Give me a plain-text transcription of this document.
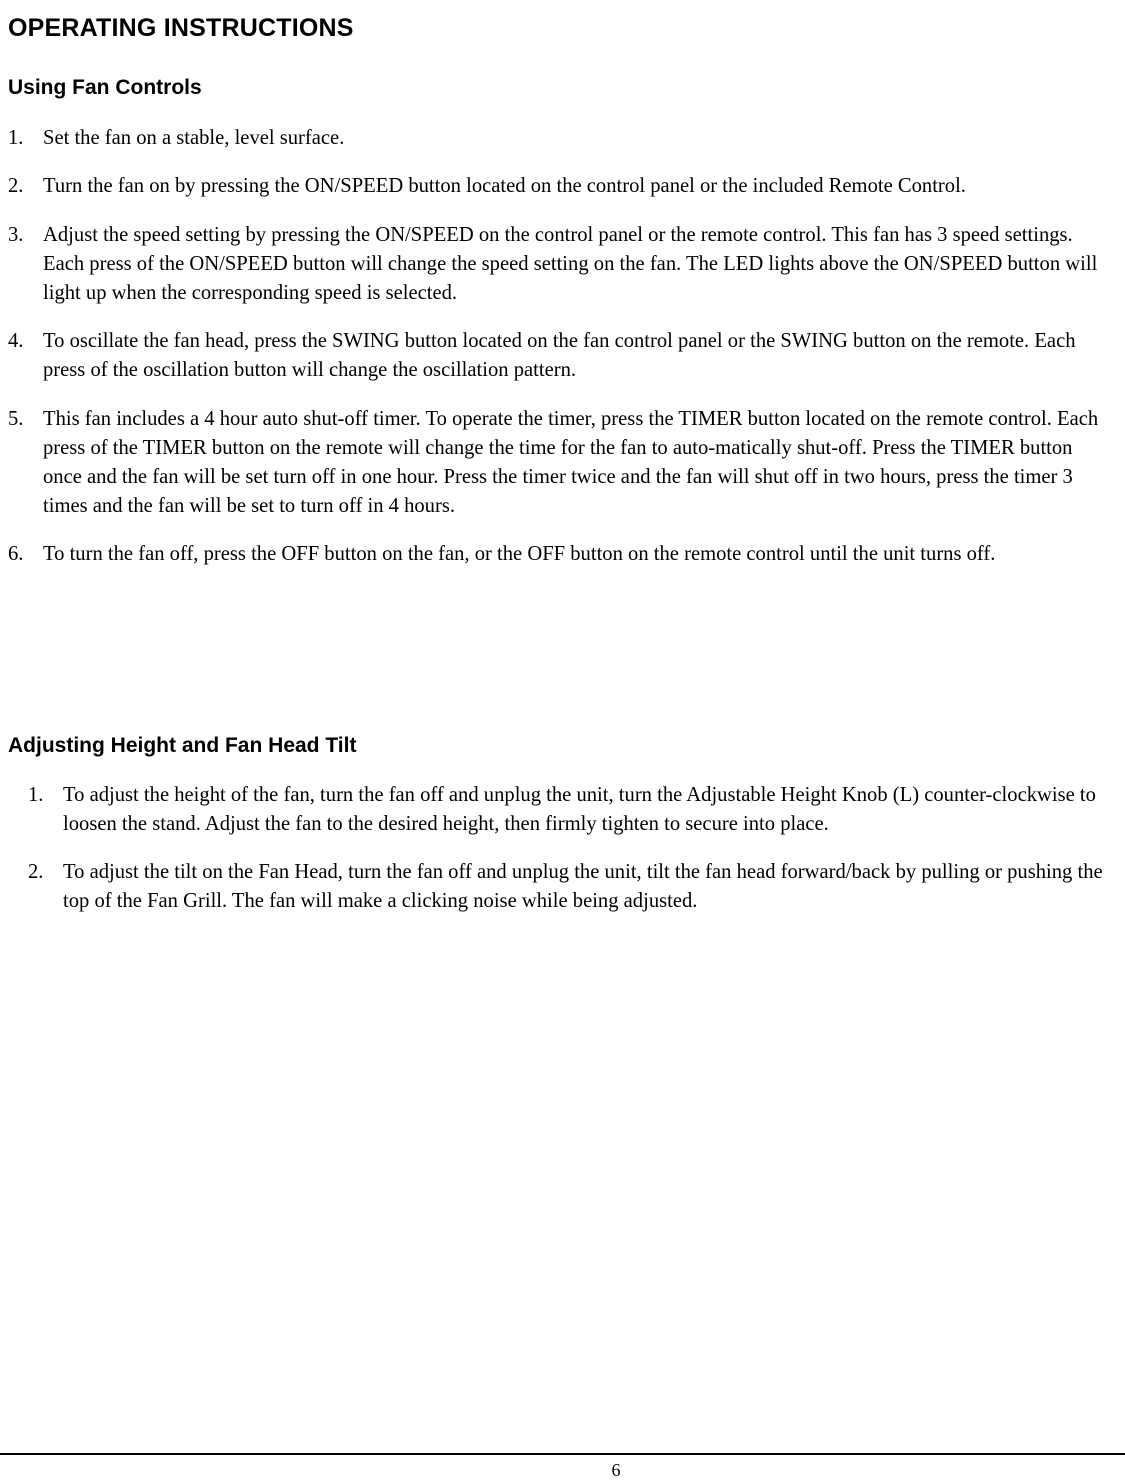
OPERATING INSTRUCTIONS
Using Fan Controls
1. Set the fan on a stable, level surface.
2. Turn the fan on by pressing the ON/SPEED button located on the control panel or the included Remote Control.
3. Adjust the speed setting by pressing the ON/SPEED on the control panel or the remote control. This fan has 3 speed settings. Each press of the ON/SPEED button will change the speed setting on the fan. The LED lights above the ON/SPEED button will light up when the corresponding speed is selected.
4. To oscillate the fan head, press the SWING button located on the fan control panel or the SWING button on the remote. Each press of the oscillation button will change the oscillation pattern.
5. This fan includes a 4 hour auto shut-off timer. To operate the timer, press the TIMER button located on the remote control. Each press of the TIMER button on the remote will change the time for the fan to auto-matically shut-off. Press the TIMER button once and the fan will be set turn off in one hour. Press the timer twice and the fan will shut off in two hours, press the timer 3 times and the fan will be set to turn off in 4 hours.
6. To turn the fan off, press the OFF button on the fan, or the OFF button on the remote control until the unit turns off.
Adjusting Height and Fan Head Tilt
1. To adjust the height of the fan, turn the fan off and unplug the unit, turn the Adjustable Height Knob (L) counter-clockwise to loosen the stand. Adjust the fan to the desired height, then firmly tighten to secure into place.
2. To adjust the tilt on the Fan Head, turn the fan off and unplug the unit, tilt the fan head forward/back by pulling or pushing the top of the Fan Grill. The fan will make a clicking noise while being adjusted.
6
